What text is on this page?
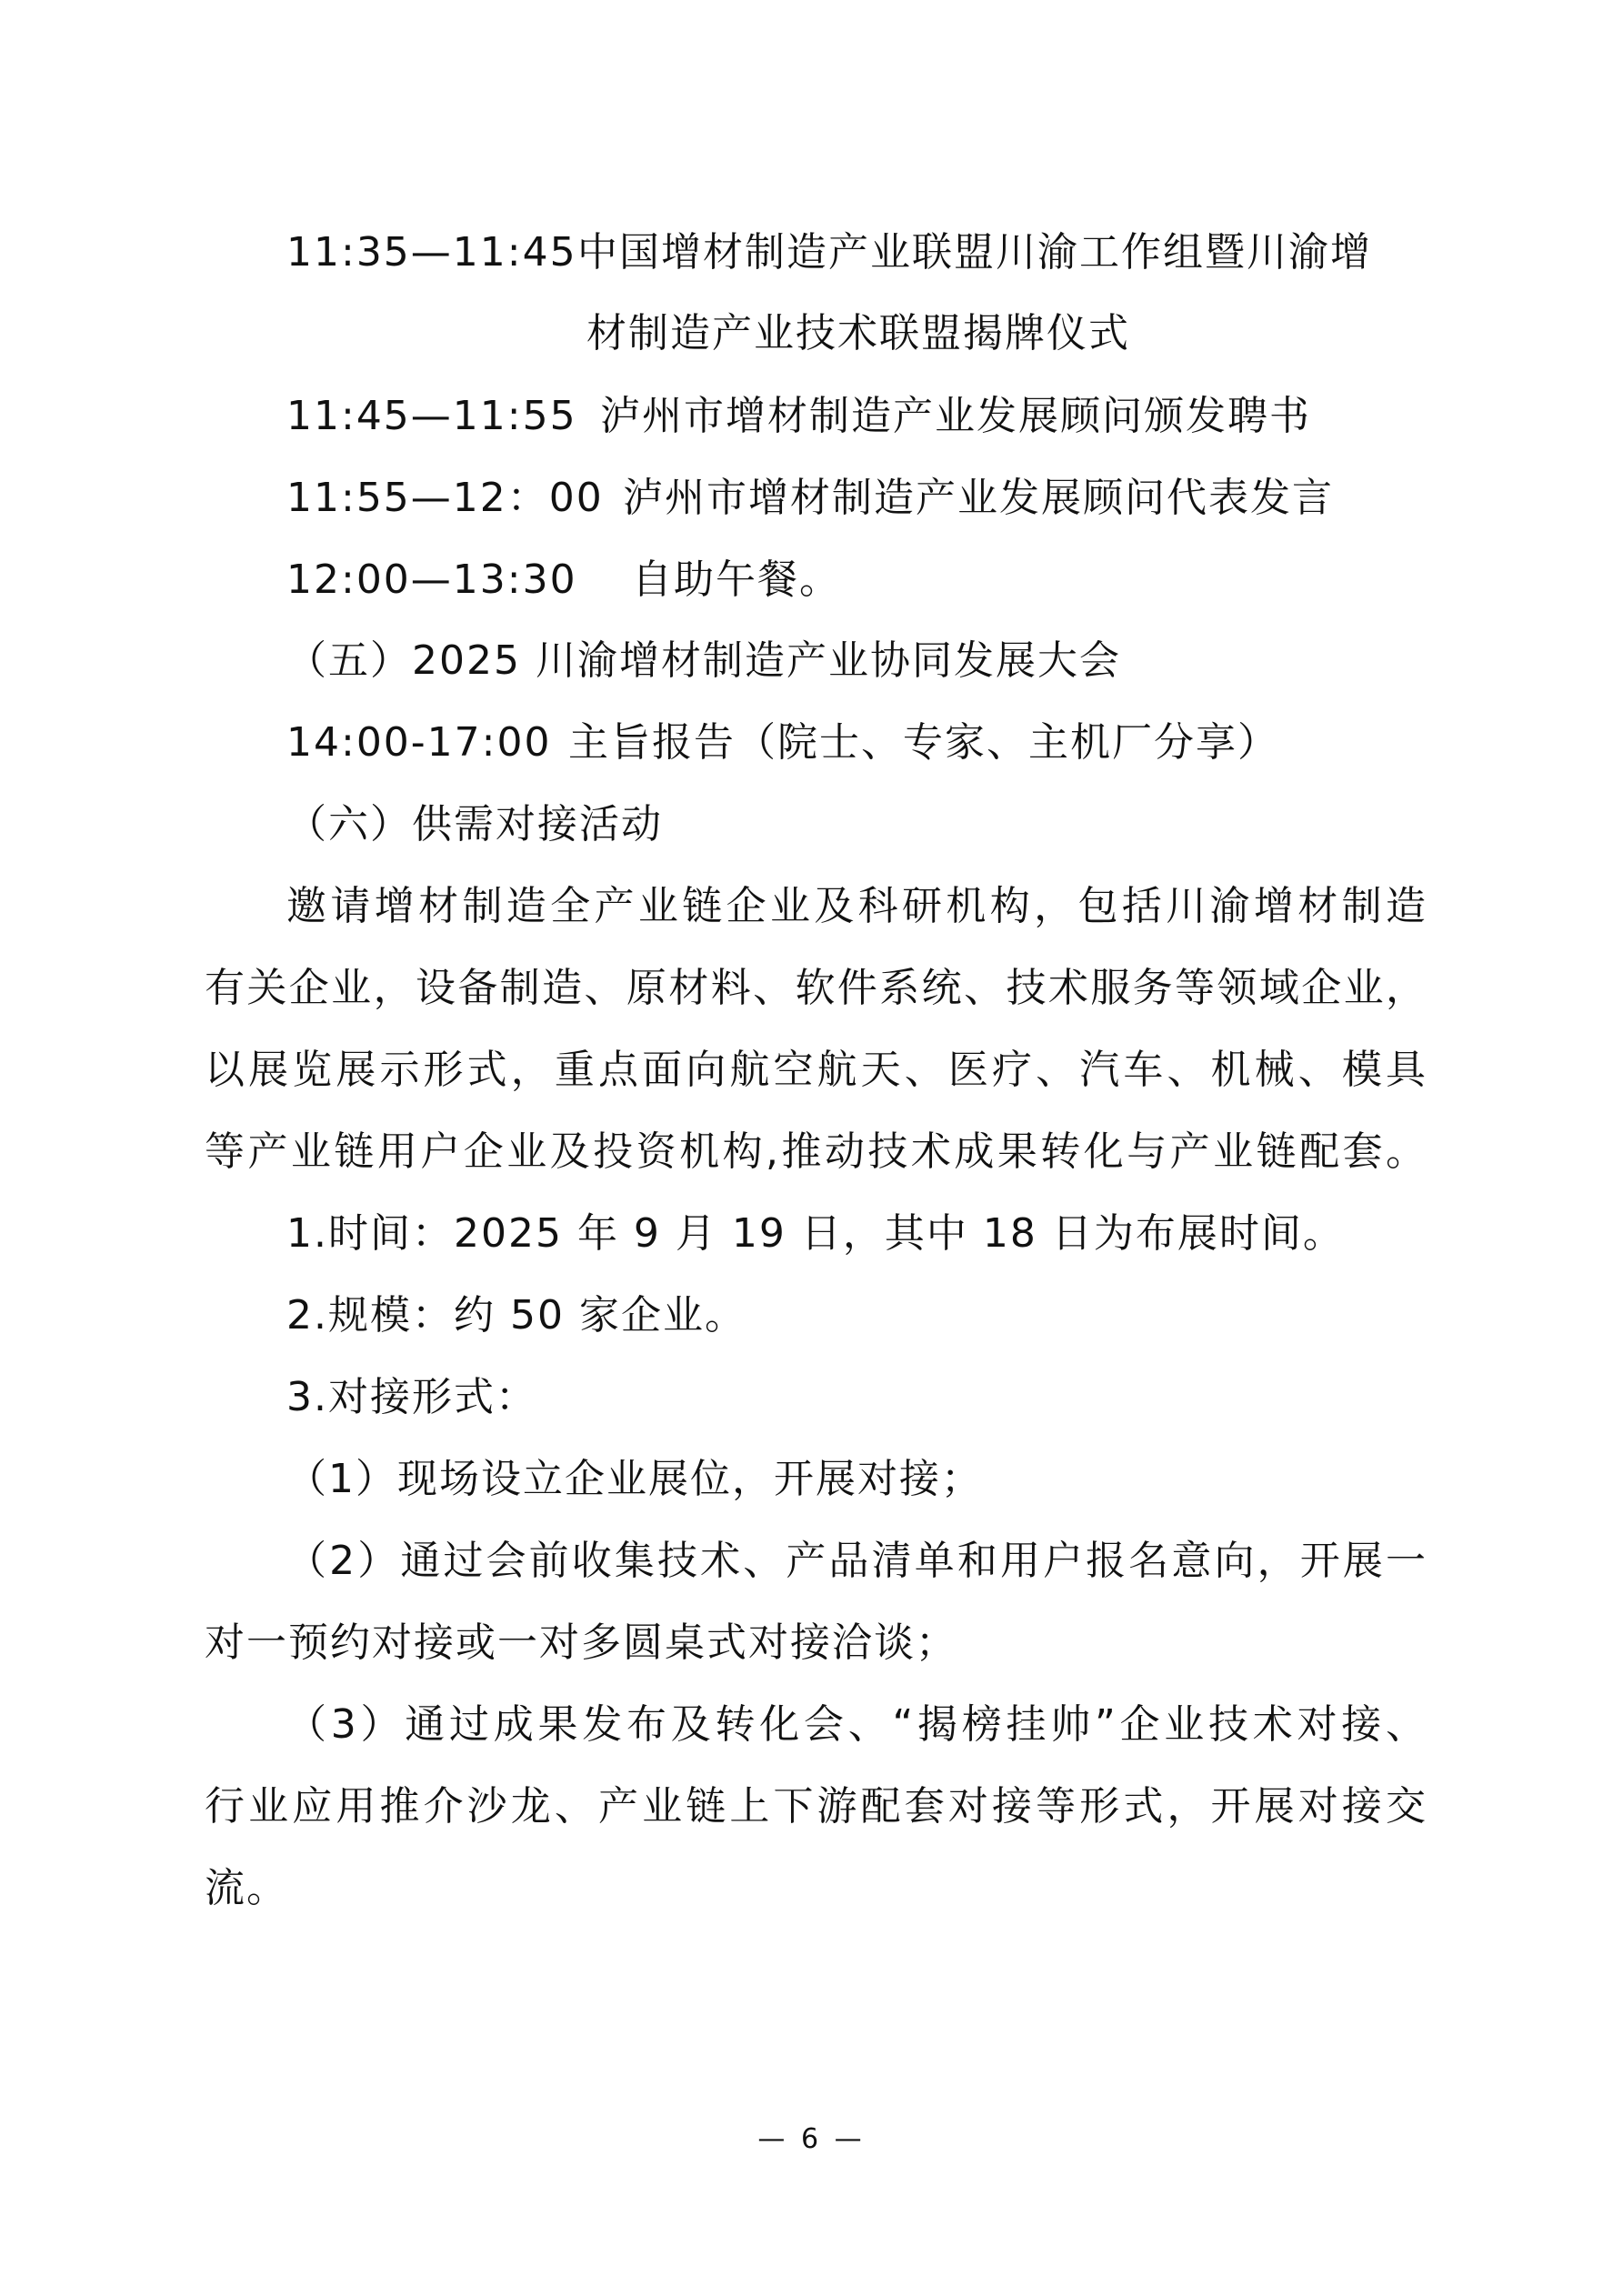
11:35—11:45 中国增材制造产业联盟川渝工作组暨川渝增
材制造产业技术联盟揭牌仪式
11:45—11:55 泸州市增材制造产业发展顾问颁发聘书
11:55—12：00 泸州市增材制造产业发展顾问代表发言
12:00—13:30 自助午餐。
（五）2025 川渝增材制造产业协同发展大会
14:00-17:00 主旨报告（院士、专家、主机厂分享）
（六）供需对接活动
邀请增材制造全产业链企业及科研机构，包括川渝增材制造
有关企业，设备制造、原材料、软件系统、技术服务等领域企业，
以展览展示形式，重点面向航空航天、医疗、汽车、机械、模具
等产业链用户企业及投资机构,推动技术成果转化与产业链配套。
1.时间：2025 年 9 月 19 日，其中 18 日为布展时间。
2.规模：约 50 家企业。
3.对接形式：
（1）现场设立企业展位，开展对接；
（2）通过会前收集技术、产品清单和用户报名意向，开展一
对一预约对接或一对多圆桌式对接洽谈；
（3）通过成果发布及转化会、“揭榜挂帅”企业技术对接、
行业应用推介沙龙、产业链上下游配套对接等形式，开展对接交
流。
— 6 —
